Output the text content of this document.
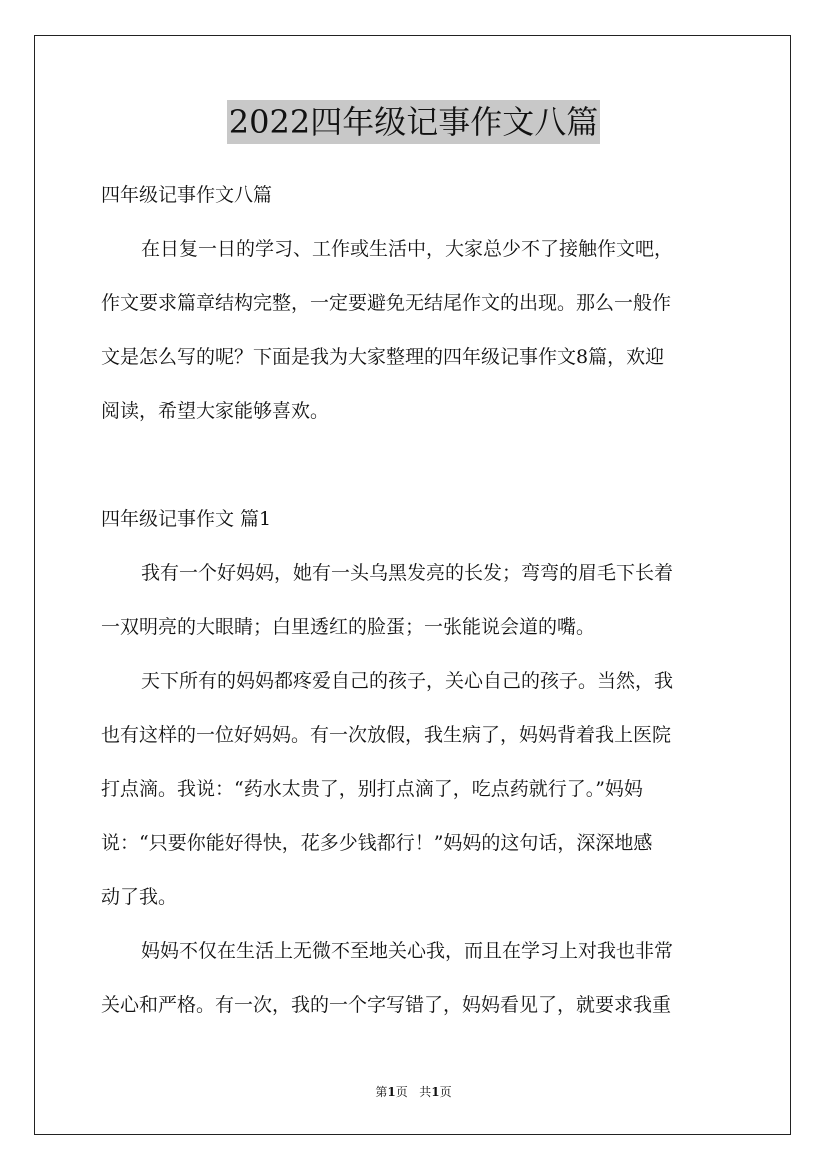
2022四年级记事作文八篇
四年级记事作文八篇
在日复一日的学习、工作或生活中，大家总少不了接触作文吧，
作文要求篇章结构完整，一定要避免无结尾作文的出现。那么一般作
文是怎么写的呢？下面是我为大家整理的四年级记事作文8篇，欢迎
阅读，希望大家能够喜欢。
四年级记事作文 篇1
我有一个好妈妈，她有一头乌黑发亮的长发；弯弯的眉毛下长着
一双明亮的大眼睛；白里透红的脸蛋；一张能说会道的嘴。
天下所有的妈妈都疼爱自己的孩子，关心自己的孩子。当然，我
也有这样的一位好妈妈。有一次放假，我生病了，妈妈背着我上医院
打点滴。我说：“药水太贵了，别打点滴了，吃点药就行了。”妈妈
说：“只要你能好得快，花多少钱都行！”妈妈的这句话，深深地感
动了我。
妈妈不仅在生活上无微不至地关心我，而且在学习上对我也非常
关心和严格。有一次，我的一个字写错了，妈妈看见了，就要求我重
第1页 共1页
